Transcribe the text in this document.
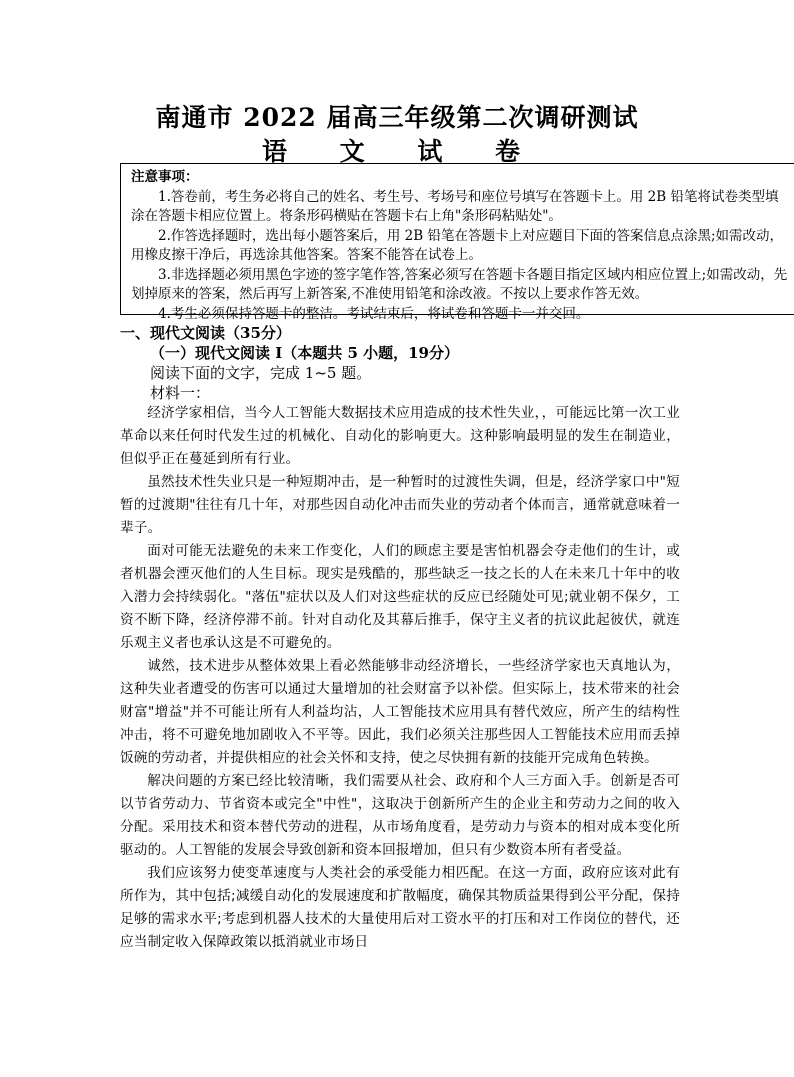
南通市 2022 届高三年级第二次调研测试
语 文 试 卷
注意事项：

1.答卷前，考生务必将自己的姓名、考生号、考场号和座位号填写在答题卡上。用 2B 铅笔将试卷类型填涂在答题卡相应位置上。将条形码横贴在答题卡右上角"条形码粘贴处"。

2.作答选择题时，选出每小题答案后，用 2B 铅笔在答题卡上对应题目下面的答案信息点涂黑;如需改动，用橡皮擦干净后，再选涂其他答案。答案不能答在试卷上。

3.非选择题必须用黑色字迹的签字笔作答,答案必须写在答题卡各题目指定区域内相应位置上;如需改动，先划掉原来的答案，然后再写上新答案,不准使用铅笔和涂改液。不按以上要求作答无效。

4.考生必须保持答题卡的整洁。考试结束后，将试卷和答题卡一并交回。

一、现代文阅读（35分）
（一）现代文阅读 I（本题共 5 小题，19分）
阅读下面的文字，完成 1~5 题。
材料一：

经济学家相信，当今人工智能大数据技术应用造成的技术性失业，，可能远比第一次工业革命以来任何时代发生过的机械化、自动化的影响更大。这种影响最明显的发生在制造业，但似乎正在蔓延到所有行业。

虽然技术性失业只是一种短期冲击，是一种暂时的过渡性失调，但是，经济学家口中"短暂的过渡期"往往有几十年，对那些因自动化冲击而失业的劳动者个体而言，通常就意味着一辈子。

面对可能无法避免的未来工作变化，人们的顾虑主要是害怕机器会夺走他们的生计，或者机器会湮灭他们的人生目标。现实是残酷的，那些缺乏一技之长的人在未来几十年中的收入潜力会持续弱化。"落伍"症状以及人们对这些症状的反应已经随处可见;就业朝不保夕，工资不断下降，经济停滞不前。针对自动化及其幕后推手，保守主义者的抗议此起彼伏，就连乐观主义者也承认这是不可避免的。

诚然，技术进步从整体效果上看必然能够非动经济增长，一些经济学家也天真地认为，这种失业者遭受的伤害可以通过大量增加的社会财富予以补偿。但实际上，技术带来的社会财富"增益"并不可能让所有人利益均沾，人工智能技术应用具有替代效应，所产生的结构性冲击，将不可避免地加剧收入不平等。因此，我们必须关注那些因人工智能技术应用而丢掉饭碗的劳动者，并提供相应的社会关怀和支持，使之尽快拥有新的技能开完成角色转换。

解决问题的方案已经比较清晰，我们需要从社会、政府和个人三方面入手。创新是否可以节省劳动力、节省资本或完全"中性"，这取决于创新所产生的企业主和劳动力之间的收入分配。采用技术和资本替代劳动的进程，从市场角度看，是劳动力与资本的相对成本变化所驱动的。人工智能的发展会导致创新和资本回报增加，但只有少数资本所有者受益。

我们应该努力使变革速度与人类社会的承受能力相匹配。在这一方面，政府应该对此有所作为，其中包括;减缓自动化的发展速度和扩散幅度，确保其物质益果得到公平分配，保持足够的需求水平;考虑到机器人技术的大量使用后对工资水平的打压和对工作岗位的替代，还应当制定收入保障政策以抵消就业市场日
